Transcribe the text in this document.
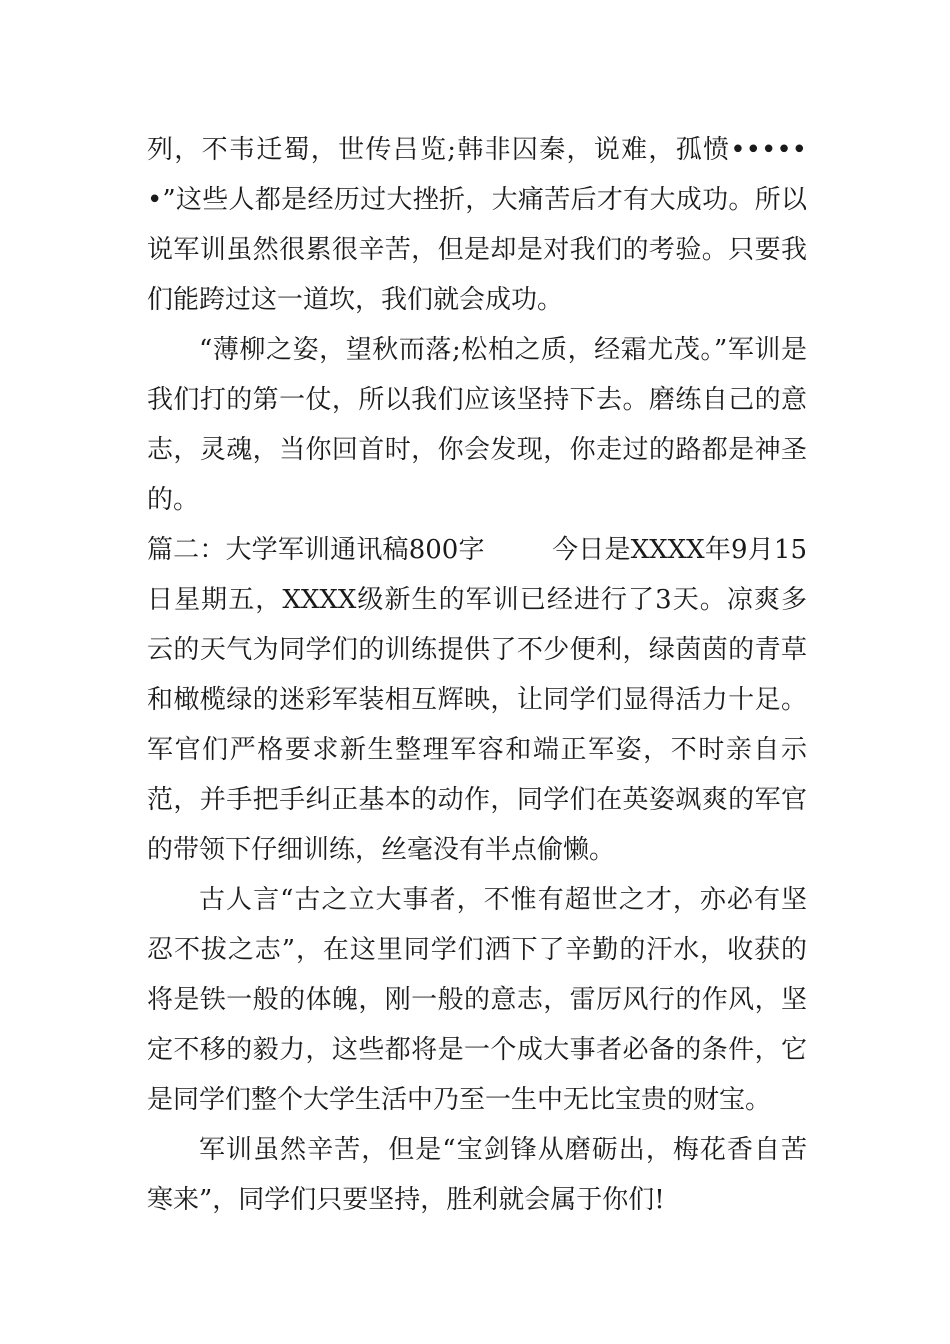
列，不韦迁蜀，世传吕览;韩非囚秦，说难，孤愤••••••”这些人都是经历过大挫折，大痛苦后才有大成功。所以说军训虽然很累很辛苦，但是却是对我们的考验。只要我们能跨过这一道坎，我们就会成功。

“薄柳之姿，望秋而落;松柏之质，经霜尤茂。”军训是我们打的第一仗，所以我们应该坚持下去。磨练自己的意志，灵魂，当你回首时，你会发现，你走过的路都是神圣的。

篇二：大学军训通讯稿800字        今日是XXXX年9月15日星期五，XXXX级新生的军训已经进行了3天。凉爽多云的天气为同学们的训练提供了不少便利，绿茵茵的青草和橄榄绿的迷彩军装相互辉映，让同学们显得活力十足。军官们严格要求新生整理军容和端正军姿，不时亲自示范，并手把手纠正基本的动作，同学们在英姿飒爽的军官的带领下仔细训练，丝毫没有半点偷懒。

古人言“古之立大事者，不惟有超世之才，亦必有坚忍不拔之志”，在这里同学们洒下了辛勤的汗水，收获的将是铁一般的体魄，刚一般的意志，雷厉风行的作风，坚定不移的毅力，这些都将是一个成大事者必备的条件，它是同学们整个大学生活中乃至一生中无比宝贵的财宝。

军训虽然辛苦，但是“宝剑锋从磨砺出，梅花香自苦寒来”，同学们只要坚持，胜利就会属于你们!
